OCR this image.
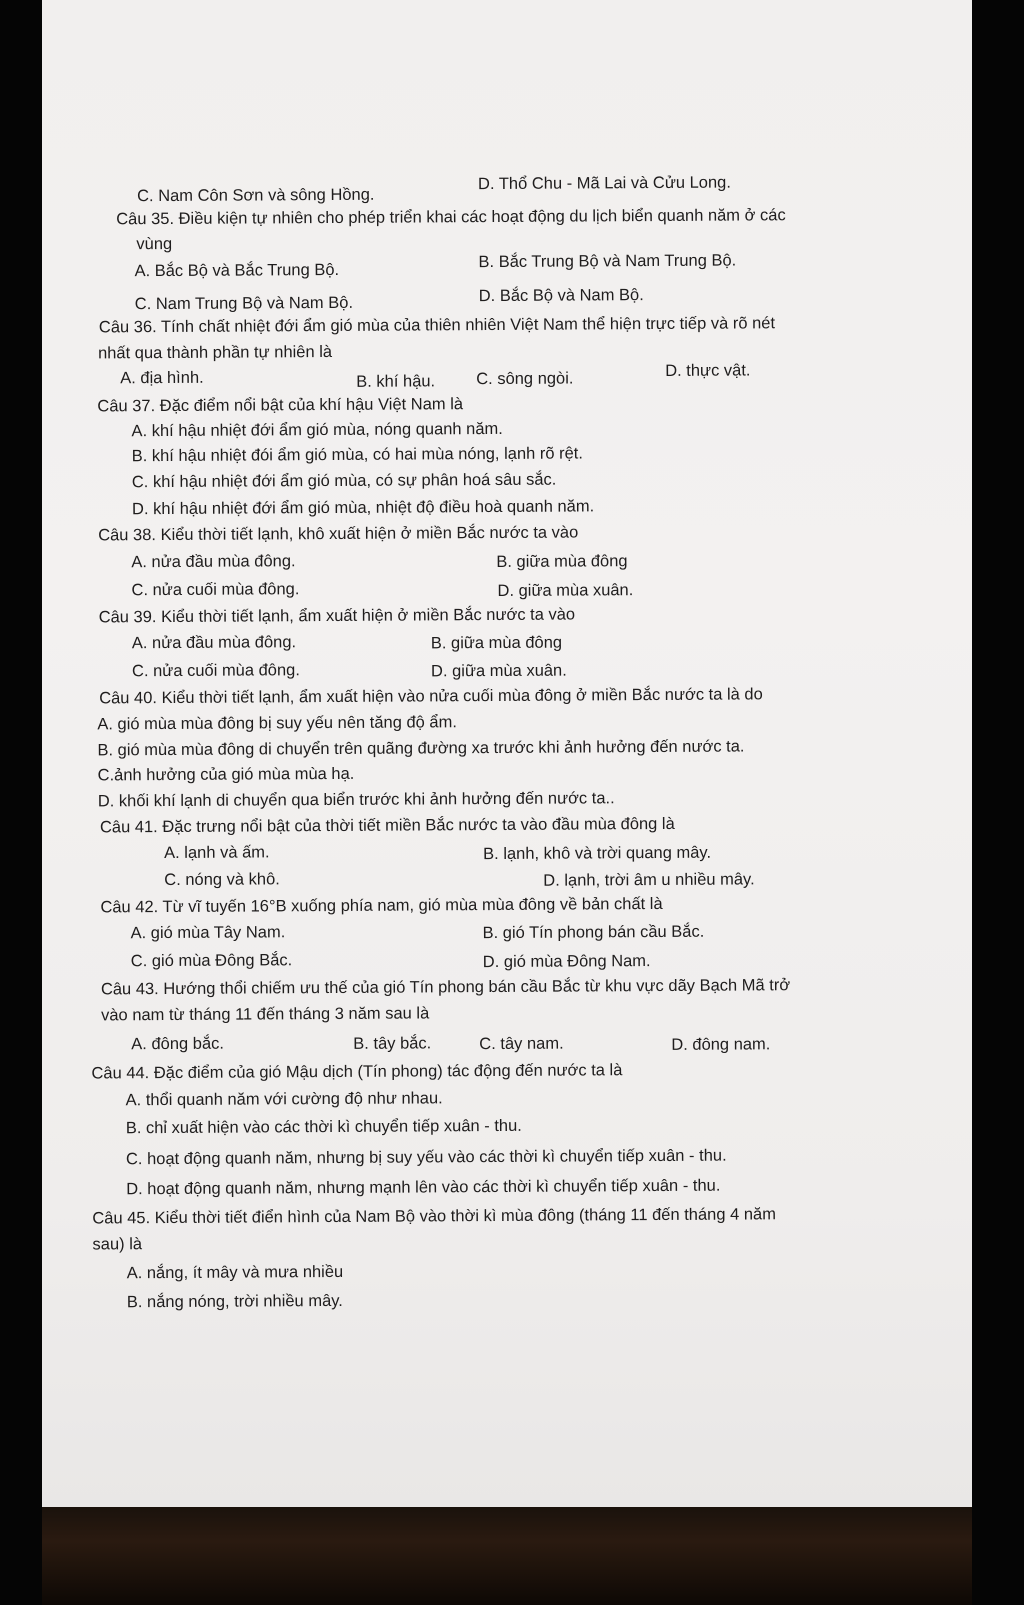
C. Nam Côn Sơn và sông Hồng.
D. Thổ Chu - Mã Lai và Cửu Long.
Câu 35. Điều kiện tự nhiên cho phép triển khai các hoạt động du lịch biển quanh năm ở các
vùng
A. Bắc Bộ và Bắc Trung Bộ.	B. Bắc Trung Bộ và Nam Trung Bộ.
C. Nam Trung Bộ và Nam Bộ.	D. Bắc Bộ và Nam Bộ.
Câu 36. Tính chất nhiệt đới ẩm gió mùa của thiên nhiên Việt Nam thể hiện trực tiếp và rõ nét
nhất qua thành phần tự nhiên là
A. địa hình.	B. khí hậu. C. sông ngòi.	D. thực vật.
Câu 37. Đặc điểm nổi bật của khí hậu Việt Nam là
A. khí hậu nhiệt đới ẩm gió mùa, nóng quanh năm.
B. khí hậu nhiệt đói ẩm gió mùa, có hai mùa nóng, lạnh rõ rệt.
C. khí hậu nhiệt đới ẩm gió mùa, có sự phân hoá sâu sắc.
D. khí hậu nhiệt đới ẩm gió mùa, nhiệt độ điều hoà quanh năm.
Câu 38. Kiểu thời tiết lạnh, khô xuất hiện ở miền Bắc nước ta vào
A. nửa đầu mùa đông.	B. giữa mùa đông
C. nửa cuối mùa đông.	D. giữa mùa xuân.
Câu 39. Kiểu thời tiết lạnh, ẩm xuất hiện ở miền Bắc nước ta vào
A. nửa đầu mùa đông.	B. giữa mùa đông
C. nửa cuối mùa đông.	D. giữa mùa xuân.
Câu 40. Kiểu thời tiết lạnh, ẩm xuất hiện vào nửa cuối mùa đông ở miền Bắc nước ta là do
A. gió mùa mùa đông bị suy yếu nên tăng độ ẩm.
B. gió mùa mùa đông di chuyển trên quãng đường xa trước khi ảnh hưởng đến nước ta.
C.ảnh hưởng của gió mùa mùa hạ.
D. khối khí lạnh di chuyển qua biển trước khi ảnh hưởng đến nước ta..
Câu 41. Đặc trưng nổi bật của thời tiết miền Bắc nước ta vào đầu mùa đông là
A. lạnh và ấm.	B. lạnh, khô và trời quang mây.
C. nóng và khô.	D. lạnh, trời âm u nhiều mây.
Câu 42. Từ vĩ tuyến 16°B xuống phía nam, gió mùa mùa đông về bản chất là
A. gió mùa Tây Nam.	B. gió Tín phong bán cầu Bắc.
C. gió mùa Đông Bắc.	D. gió mùa Đông Nam.
Câu 43. Hướng thổi chiếm ưu thế của gió Tín phong bán cầu Bắc từ khu vực dãy Bạch Mã trở
vào nam từ tháng 11 đến tháng 3 năm sau là
A. đông bắc.	B. tây bắc.	C. tây nam.	D. đông nam.
Câu 44. Đặc điểm của gió Mậu dịch (Tín phong) tác động đến nước ta là
A. thổi quanh năm với cường độ như nhau.
B. chỉ xuất hiện vào các thời kì chuyển tiếp xuân - thu.
C. hoạt động quanh năm, nhưng bị suy yếu vào các thời kì chuyển tiếp xuân - thu.
D. hoạt động quanh năm, nhưng mạnh lên vào các thời kì chuyển tiếp xuân - thu.
Câu 45. Kiểu thời tiết điển hình của Nam Bộ vào thời kì mùa đông (tháng 11 đến tháng 4 năm
sau) là
A. nắng, ít mây và mưa nhiều
B. nắng nóng, trời nhiều mây.
